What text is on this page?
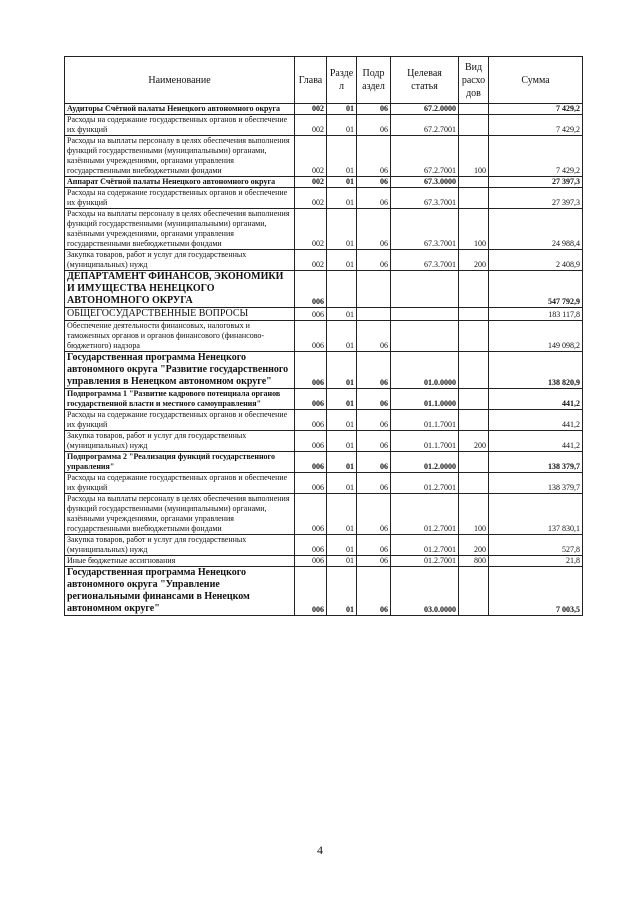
Наименование	Глава	Разде л	Подр аздел	Целевая статья	Вид расхо дов	Сумма
Аудиторы Счётной палаты Ненецкого автономного округа	002	01	06	67.2.0000		7 429,2
Расходы на содержание государственных органов и обеспечение их функций	002	01	06	67.2.7001		7 429,2
Расходы на выплаты персоналу в целях обеспечения выполнения функций государственными (муниципальными) органами, казёнными учреждениями, органами управления государственными внебюджетными фондами	002	01	06	67.2.7001	100	7 429,2
Аппарат Счётной палаты Ненецкого автономного округа	002	01	06	67.3.0000		27 397,3
Расходы на содержание государственных органов и обеспечение их функций	002	01	06	67.3.7001		27 397,3
Расходы на выплаты персоналу в целях обеспечения выполнения функций государственными (муниципальными) органами, казёнными учреждениями, органами управления государственными внебюджетными фондами	002	01	06	67.3.7001	100	24 988,4
Закупка товаров, работ и услуг для государственных (муниципальных) нужд	002	01	06	67.3.7001	200	2 408,9
ДЕПАРТАМЕНТ ФИНАНСОВ, ЭКОНОМИКИ И ИМУЩЕСТВА НЕНЕЦКОГО АВТОНОМНОГО ОКРУГА	006					547 792,9
ОБЩЕГОСУДАРСТВЕННЫЕ ВОПРОСЫ	006	01				183 117,8
Обеспечение деятельности финансовых, налоговых и таможенных органов и органов финансового (финансово-бюджетного) надзора	006	01	06			149 098,2
Государственная программа Ненецкого автономного округа "Развитие государственного управления в Ненецком автономном округе"	006	01	06	01.0.0000		138 820,9
Подпрограмма 1 "Развитие кадрового потенциала органов государственной власти и местного самоуправления"	006	01	06	01.1.0000		441,2
Расходы на содержание государственных органов и обеспечение их функций	006	01	06	01.1.7001		441,2
Закупка товаров, работ и услуг для государственных (муниципальных) нужд	006	01	06	01.1.7001	200	441,2
Подпрограмма 2 "Реализация функций государственного управления"	006	01	06	01.2.0000		138 379,7
Расходы на содержание государственных органов и обеспечение их функций	006	01	06	01.2.7001		138 379,7
Расходы на выплаты персоналу в целях обеспечения выполнения функций государственными (муниципальными) органами, казёнными учреждениями, органами управления государственными внебюджетными фондами	006	01	06	01.2.7001	100	137 830,1
Закупка товаров, работ и услуг для государственных (муниципальных) нужд	006	01	06	01.2.7001	200	527,8
Иные бюджетные ассигнования	006	01	06	01.2.7001	800	21,8
Государственная программа Ненецкого автономного округа "Управление региональными финансами в Ненецком автономном округе"	006	01	06	03.0.0000		7 003,5
4
